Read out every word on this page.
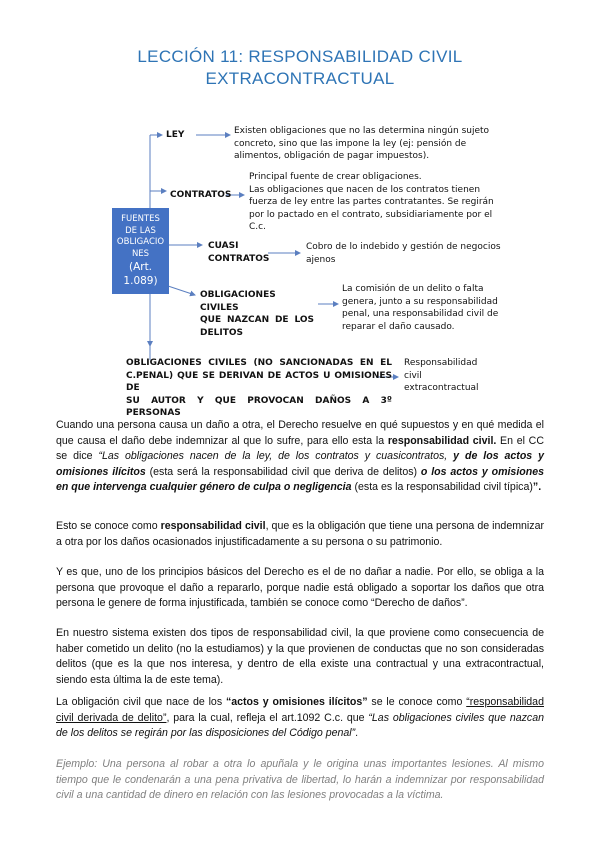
LECCIÓN 11: RESPONSABILIDAD CIVIL
EXTRACONTRACTUAL
FUENTES
DE LAS
OBLIGACIO
NES
(Art.
1.089)
LEY	Existen obligaciones que no las determina ningún sujeto
concreto, sino que las impone la ley (ej: pensión de
alimentos, obligación de pagar impuestos).
CONTRATOS
Principal fuente de crear obligaciones.
Las obligaciones que nacen de los contratos tienen
fuerza de ley entre las partes contratantes. Se regirán
por lo pactado en el contrato, subsidiariamente por el
C.c.
CUASI
CONTRATOS
Cobro de lo indebido y gestión de negocios
ajenos
OBLIGACIONES CIVILES
QUE NAZCAN DE LOS
DELITOS
La comisión de un delito o falta
genera, junto a su responsabilidad
penal, una responsabilidad civil de
reparar el daño causado.
OBLIGACIONES CIVILES (NO SANCIONADAS EN EL
C.PENAL) QUE SE DERIVAN DE ACTOS U OMISIONES DE
SU AUTOR Y QUE PROVOCAN DAÑOS A 3º PERSONAS
Responsabilidad
civil
extracontractual
Cuando una persona causa un daño a otra, el Derecho resuelve en qué supuestos y en qué medida el que causa el daño debe indemnizar al que lo sufre, para ello esta la responsabilidad civil. En el CC se dice “Las obligaciones nacen de la ley, de los contratos y cuasicontratos, y de los actos y omisiones ilícitos (esta será la responsabilidad civil que deriva de delitos) o los actos y omisiones en que intervenga cualquier género de culpa o negligencia (esta es la responsabilidad civil típica)”.
Esto se conoce como responsabilidad civil, que es la obligación que tiene una persona de indemnizar a otra por los daños ocasionados injustificadamente a su persona o su patrimonio.
Y es que, uno de los principios básicos del Derecho es el de no dañar a nadie. Por ello, se obliga a la persona que provoque el daño a repararlo, porque nadie está obligado a soportar los daños que otra persona le genere de forma injustificada, también se conoce como “Derecho de daños”.
En nuestro sistema existen dos tipos de responsabilidad civil, la que proviene como consecuencia de haber cometido un delito (no la estudiamos) y la que provienen de conductas que no son consideradas delitos (que es la que nos interesa, y dentro de ella existe una contractual y una extracontractual, siendo esta última la de este tema).
La obligación civil que nace de los “actos y omisiones ilícitos” se le conoce como “responsabilidad civil derivada de delito”, para la cual, refleja el art.1092 C.c. que “Las obligaciones civiles que nazcan de los delitos se regirán por las disposiciones del Código penal”.
Ejemplo: Una persona al robar a otra lo apuñala y le origina unas importantes lesiones. Al mismo tiempo que le condenarán a una pena privativa de libertad, lo harán a indemnizar por responsabilidad civil a una cantidad de dinero en relación con las lesiones provocadas a la víctima.
